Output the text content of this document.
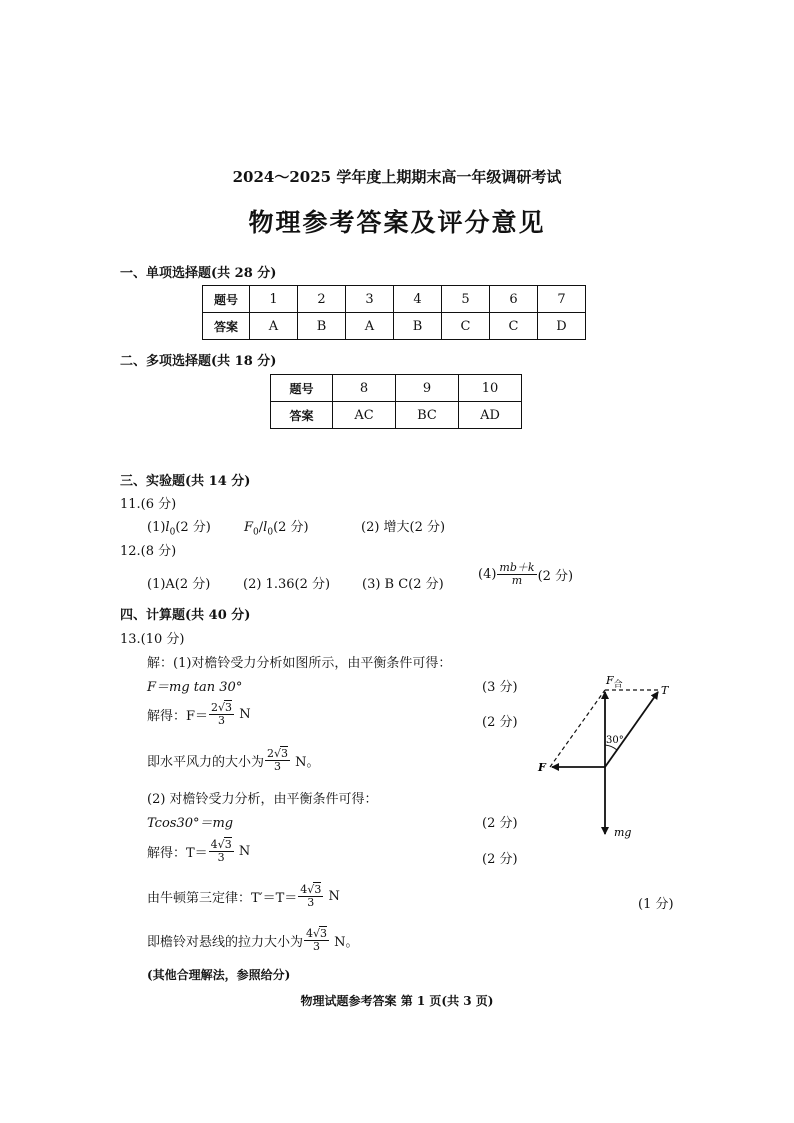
2024～2025 学年度上期期末高一年级调研考试
物理参考答案及评分意见
一、单项选择题(共 28 分)
题号	1	2	3	4	5	6	7
答案	A	B	A	B	C	C	D
二、多项选择题(共 18 分)
题号	8	9	10
答案	AC	BC	AD
三、实验题(共 14 分)
11.(6 分)
$(1)l_0(2$ 分)	$F_0/l_0(2$ 分)	(2) 增大(2 分)
12.(8 分)
(1)A(2 分)	(2) 1.36(2 分) (3) B C(2 分)
$(4) \frac{mb+k}{m} (2$ 分)
四、计算题(共 40 分)
13.(10 分)
解：(1)对檐铃受力分析如图所示，由平衡条件可得：
F＝mg tan 30°	(3 分)
解得：$F= \frac{2√3}{3}$ N
(2 分)
即水平风力的大小为 $\frac{2√3}{3}$ N。
(2) 对檐铃受力分析，由平衡条件可得：
Tcos30°＝mg	(2 分)
解得：$T= \frac{4√3}{3}$ N
(2 分)
由牛顿第三定律：$T'=T= \frac{4√3}{3}$ N
(1 分)
即檐铃对悬线的拉力大小为 $\frac{4√3}{3}$ N。
(其他合理解法，参照给分)
$F_合$	T
30°
F
mg
物理试题参考答案 第 1 页(共 3 页)
